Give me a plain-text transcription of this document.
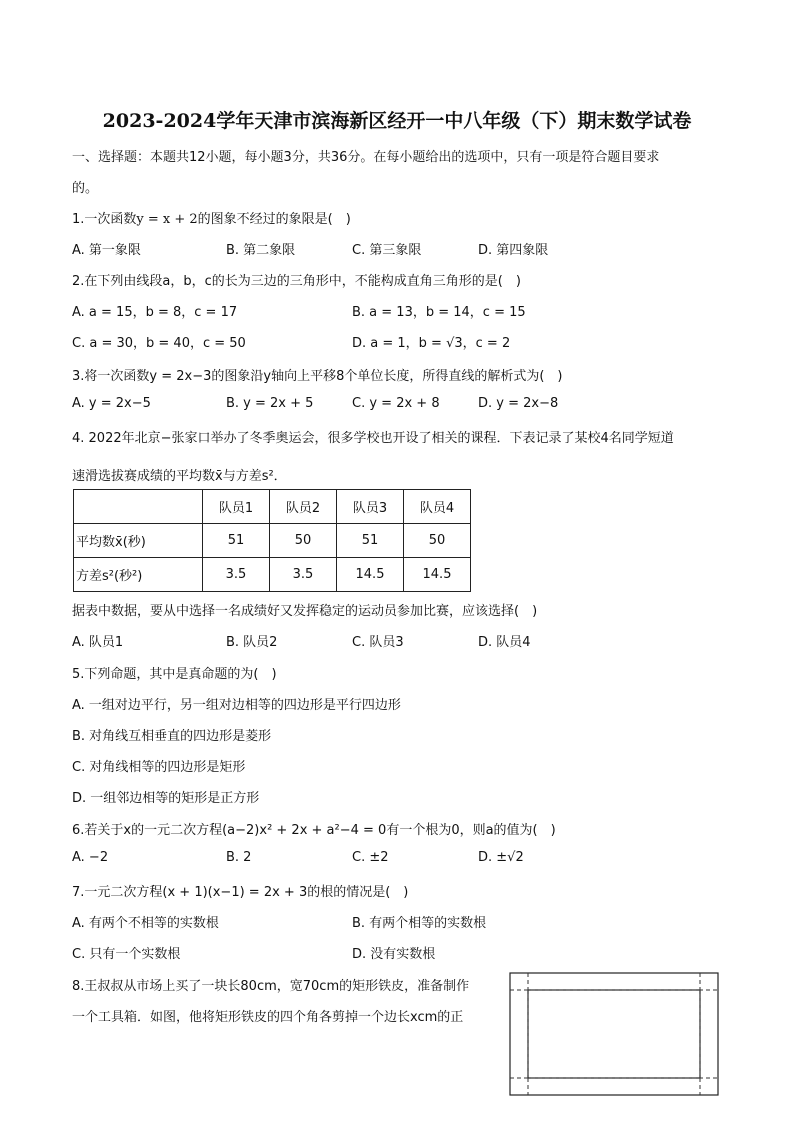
2023-2024学年天津市滨海新区经开一中八年级（下）期末数学试卷
一、选择题：本题共12小题，每小题3分，共36分。在每小题给出的选项中，只有一项是符合题目要求
的。
1.一次函数y = x + 2的图象不经过的象限是(　)
A. 第一象限	B. 第二象限	C. 第三象限	D. 第四象限
2.在下列由线段a，b，c的长为三边的三角形中，不能构成直角三角形的是(　)
A. a = 15，b = 8，c = 17	B. a = 13，b = 14，c = 15
C. a = 30，b = 40，c = 50	D. a = 1，b = √3，c = 2
3.将一次函数y = 2x−3的图象沿y轴向上平移8个单位长度，所得直线的解析式为(　)
A. y = 2x−5	B. y = 2x + 5	C. y = 2x + 8	D. y = 2x−8
4. 2022年北京−张家口举办了冬季奥运会，很多学校也开设了相关的课程．下表记录了某校4名同学短道
速滑选拔赛成绩的平均数x̄与方差s²．
	队员1	队员2	队员3	队员4
平均数x̄(秒)	51	50	51	50
方差s²(秒²)	3.5	3.5	14.5	14.5
据表中数据，要从中选择一名成绩好又发挥稳定的运动员参加比赛，应该选择(　)
A. 队员1	B. 队员2	C. 队员3	D. 队员4
5.下列命题，其中是真命题的为(　)
A. 一组对边平行，另一组对边相等的四边形是平行四边形
B. 对角线互相垂直的四边形是菱形
C. 对角线相等的四边形是矩形
D. 一组邻边相等的矩形是正方形
6.若关于x的一元二次方程(a−2)x² + 2x + a²−4 = 0有一个根为0，则a的值为(　)
A. −2	B. 2	C. ±2	D. ±√2
7.一元二次方程(x + 1)(x−1) = 2x + 3的根的情况是(　)
A. 有两个不相等的实数根	B. 有两个相等的实数根
C. 只有一个实数根	D. 没有实数根
8.王叔叔从市场上买了一块长80cm，宽70cm的矩形铁皮，准备制作
一个工具箱．如图，他将矩形铁皮的四个角各剪掉一个边长xcm的正
